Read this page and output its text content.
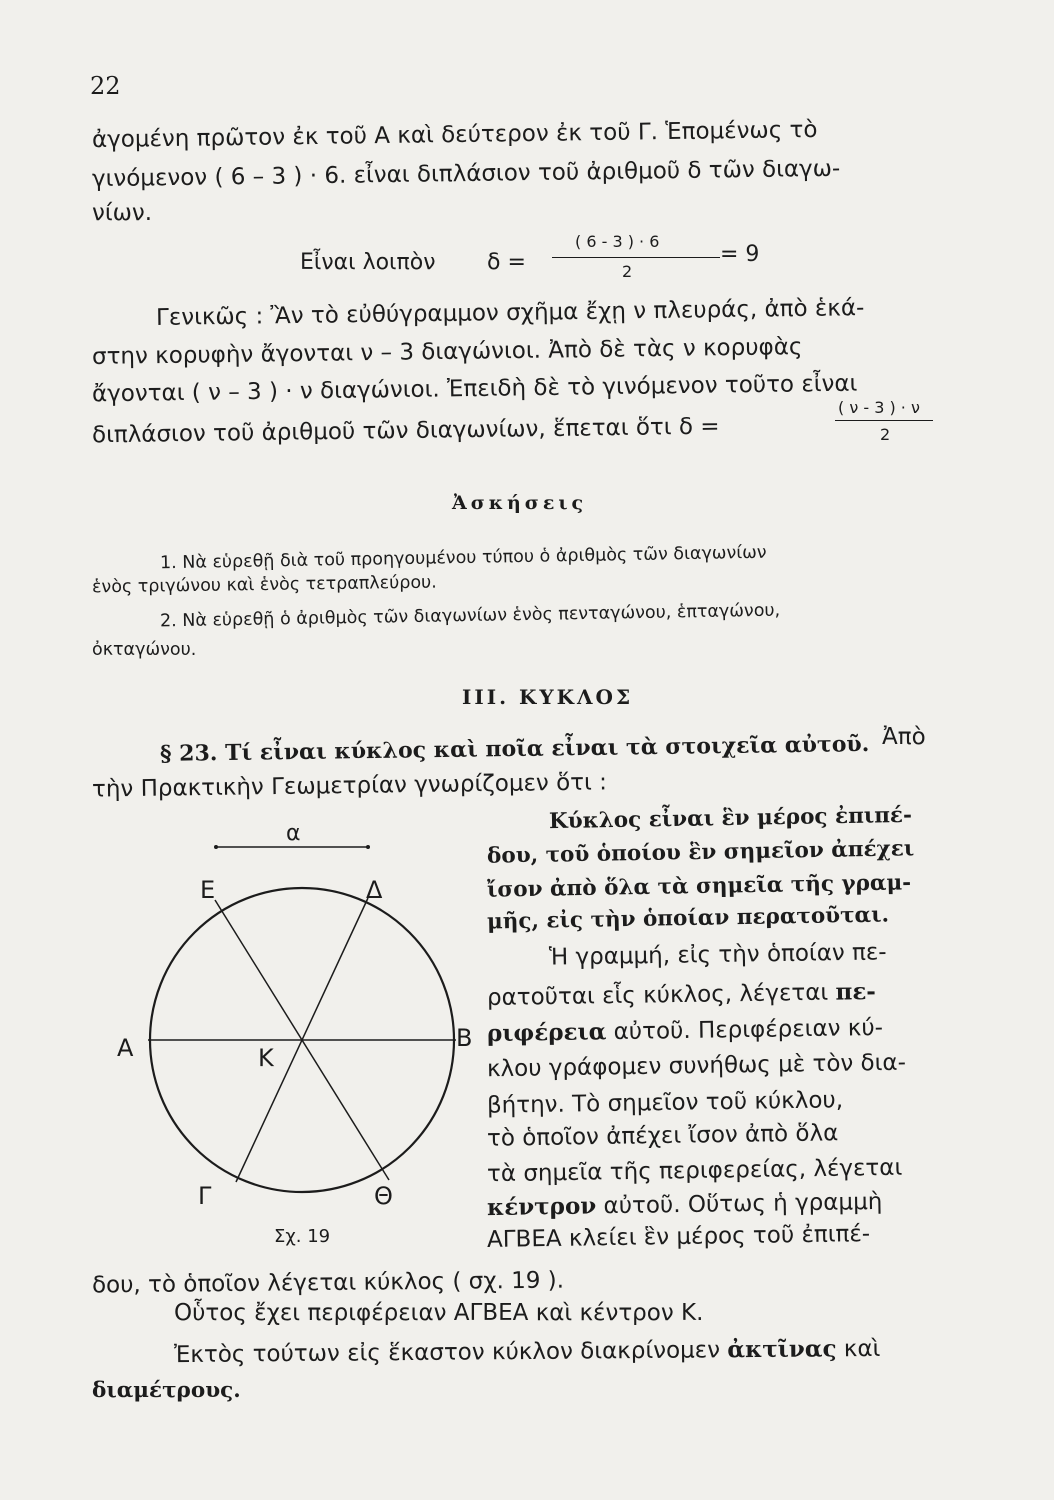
22
ἀγομένη πρῶτον ἐκ τοῦ Α καὶ δεύτερον ἐκ τοῦ Γ. Ἑπομένως τὸ
γινόμενον ( 6 – 3 ) · 6. εἶναι διπλάσιον τοῦ ἀριθμοῦ δ τῶν διαγω-
νίων.
Εἶναι λοιπὸν δ =
( 6 - 3 ) · 6
2
= 9
Γενικῶς : Ἂν τὸ εὐθύγραμμον σχῆμα ἔχῃ ν πλευράς, ἀπὸ ἑκά-
στην κορυφὴν ἄγονται ν – 3 διαγώνιοι. Ἀπὸ δὲ τὰς ν κορυφὰς
ἄγονται ( ν – 3 ) · ν διαγώνιοι. Ἐπειδὴ δὲ τὸ γινόμενον τοῦτο εἶναι
διπλάσιον τοῦ ἀριθμοῦ τῶν διαγωνίων, ἕπεται ὅτι δ =
( ν - 3 ) · ν
2
Ἀσκήσεις
1. Νὰ εὑρεθῇ διὰ τοῦ προηγουμένου τύπου ὁ ἀριθμὸς τῶν διαγωνίων
ἑνὸς τριγώνου καὶ ἑνὸς τετραπλεύρου.
2. Νὰ εὑρεθῇ ὁ ἀριθμὸς τῶν διαγωνίων ἑνὸς πενταγώνου, ἑπταγώνου,
ὀκταγώνου.
ΙΙΙ. ΚΥΚΛΟΣ
§ 23. Τί εἶναι κύκλος καὶ ποῖα εἶναι τὰ στοιχεῖα αὐτοῦ. Ἀπὸ
τὴν Πρακτικὴν Γεωμετρίαν γνωρίζομεν ὅτι :
Κύκλος εἶναι ἓν μέρος ἐπιπέ-
δου, τοῦ ὁποίου ἓν σημεῖον ἀπέχει
ἴσον ἀπὸ ὅλα τὰ σημεῖα τῆς γραμ-
μῆς, εἰς τὴν ὁποίαν περατοῦται.
Ἡ γραμμή, εἰς τὴν ὁποίαν πε-
ρατοῦται εἷς κύκλος, λέγεται πε-
ριφέρεια αὐτοῦ. Περιφέρειαν κύ-
κλου γράφομεν συνήθως μὲ τὸν δια-
βήτην. Τὸ σημεῖον τοῦ κύκλου,
τὸ ὁποῖον ἀπέχει ἴσον ἀπὸ ὅλα
τὰ σημεῖα τῆς περιφερείας, λέγεται
κέντρον αὐτοῦ. Οὕτως ἡ γραμμὴ
ΑΓΒΕΑ κλείει ἓν μέρος τοῦ ἐπιπέ-
α
Ε	Δ
Α	Β
Κ
Γ	Θ
Σχ. 19
δου, τὸ ὁποῖον λέγεται κύκλος ( σχ. 19 ).
Οὗτος ἔχει περιφέρειαν ΑΓΒΕΑ καὶ κέντρον Κ.
Ἐκτὸς τούτων εἰς ἕκαστον κύκλον διακρίνομεν ἀκτῖνας καὶ
διαμέτρους.
